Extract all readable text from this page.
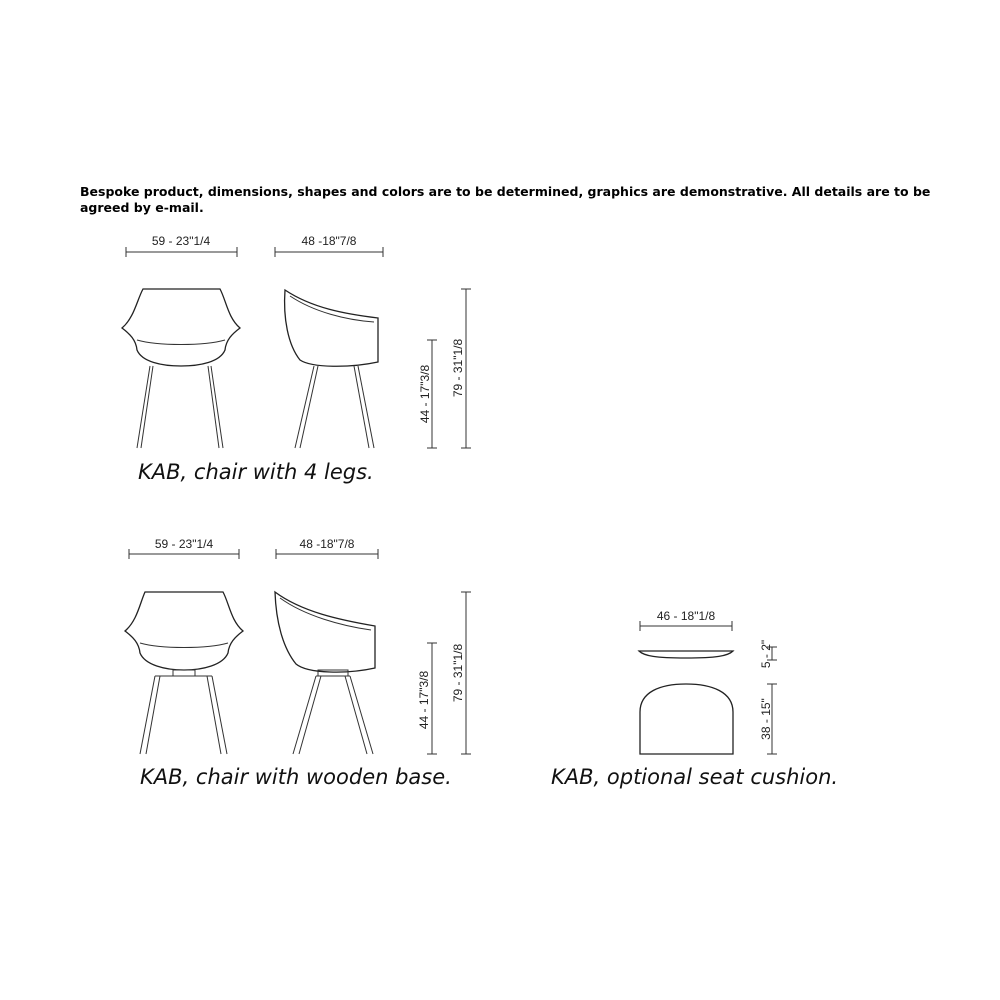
Bespoke product, dimensions, shapes and colors are to be determined, graphics are demonstrative. All details are to be agreed by e-mail.
59 - 23"1/4	48 -18"7/8
44 - 17"3/8 79 - 31"1/8
59 - 23"1/4	48 -18"7/8
44 - 17"3/8 79 - 31"1/8
46 - 18"1/8
5 - 2"
38 - 15"
KAB, chair with 4 legs.
KAB, chair with wooden base.	KAB, optional seat cushion.
